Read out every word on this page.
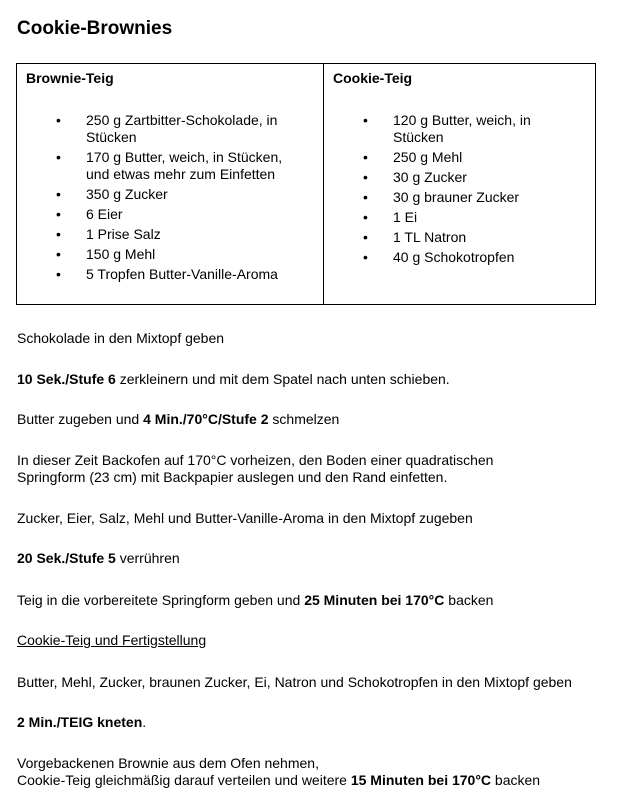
Cookie-Brownies
Brownie-Teig
• 250 g Zartbitter-Schokolade, in
Stücken
• 170 g Butter, weich, in Stücken,
und etwas mehr zum Einfetten
• 350 g Zucker
• 6 Eier
• 1 Prise Salz
• 150 g Mehl
• 5 Tropfen Butter-Vanille-Aroma
Cookie-Teig
• 120 g Butter, weich, in
Stücken
• 250 g Mehl
• 30 g Zucker
• 30 g brauner Zucker
• 1 Ei
• 1 TL Natron
• 40 g Schokotropfen
Schokolade in den Mixtopf geben
10 Sek./Stufe 6 zerkleinern und mit dem Spatel nach unten schieben.
Butter zugeben und 4 Min./70°C/Stufe 2 schmelzen
In dieser Zeit Backofen auf 170°C vorheizen, den Boden einer quadratischen
Springform (23 cm) mit Backpapier auslegen und den Rand einfetten.
Zucker, Eier, Salz, Mehl und Butter-Vanille-Aroma in den Mixtopf zugeben
20 Sek./Stufe 5 verrühren
Teig in die vorbereitete Springform geben und 25 Minuten bei 170°C backen
Cookie-Teig und Fertigstellung
Butter, Mehl, Zucker, braunen Zucker, Ei, Natron und Schokotropfen in den Mixtopf geben
2 Min./TEIG kneten.
Vorgebackenen Brownie aus dem Ofen nehmen,
Cookie-Teig gleichmäßig darauf verteilen und weitere 15 Minuten bei 170°C backen
